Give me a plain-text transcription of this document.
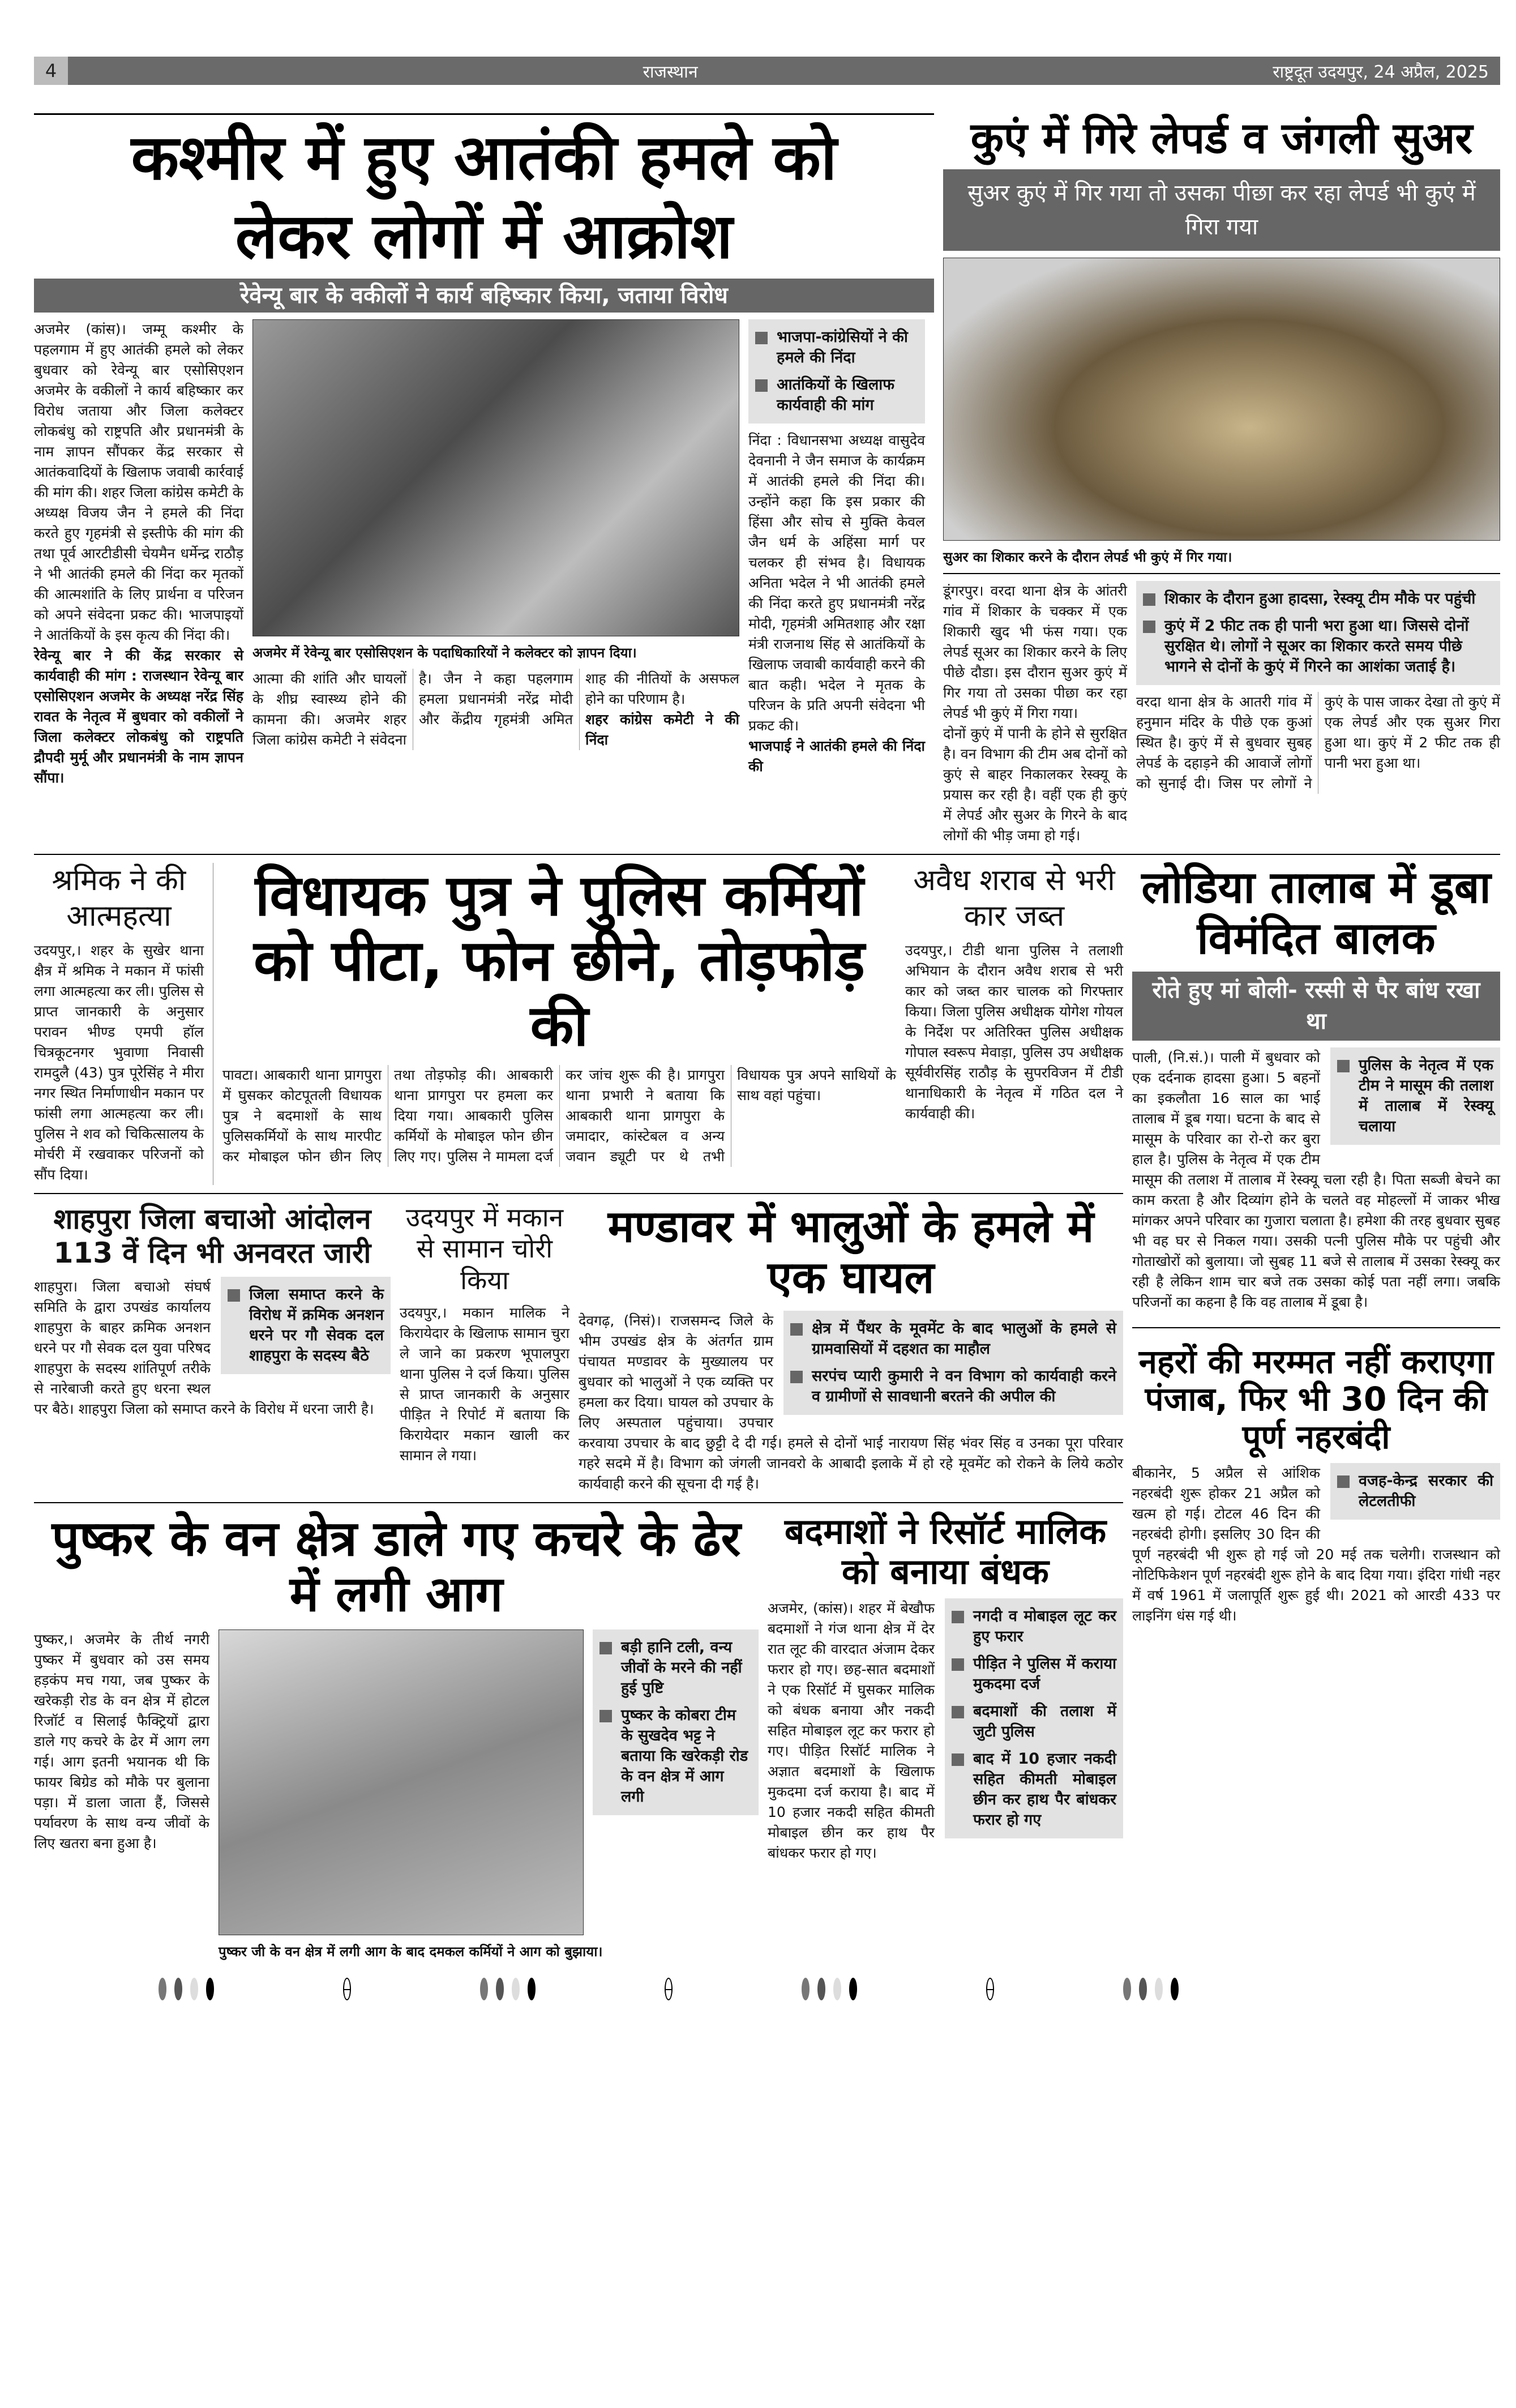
4	राजस्थान	राष्ट्रदूत उदयपुर, 24 अप्रैल, 2025
कश्मीर में हुए आतंकी हमले को
लेकर लोगों में आक्रोश
रेवेन्यू बार के वकीलों ने कार्य बहिष्कार किया, जताया विरोध

अजमेर (कांस)। जम्मू कश्मीर के पहलगाम में हुए आतंकी हमले को लेकर बुधवार को रेवेन्यू बार एसोसिएशन अजमेर के वकीलों ने कार्य बहिष्कार कर विरोध जताया और जिला कलेक्टर लोकबंधु को राष्ट्रपति और प्रधानमंत्री के नाम ज्ञापन सौंपकर केंद्र सरकार से आतंकवादियों के खिलाफ जवाबी कार्रवाई की मांग की। शहर जिला कांग्रेस कमेटी के अध्यक्ष विजय जैन ने हमले की निंदा करते हुए गृहमंत्री से इस्तीफे की मांग की तथा पूर्व आरटीडीसी चेयमैन धर्मेन्द्र राठौड़ ने भी आतंकी हमले की निंदा कर मृतकों की आत्मशांति के लिए प्रार्थना व परिजन को अपने संवेदना प्रकट की। भाजपाइयों ने आतंकियों के इस कृत्य की निंदा की।

रेवेन्यू बार ने की केंद्र सरकार से कार्यवाही की मांग : राजस्थान रेवेन्यू बार एसोसिएशन अजमेर के अध्यक्ष नरेंद्र सिंह रावत के नेतृत्व में बुधवार को वकीलों ने जिला कलेक्टर लोकबंधु को राष्ट्रपति द्रौपदी मुर्मू और प्रधानमंत्री के नाम ज्ञापन सौंपा।

अजमेर में रेवेन्यू बार एसोसिएशन के पदाधिकारियों ने कलेक्टर को ज्ञापन दिया।

आत्मा की शांति और घायलों के शीघ्र स्वास्थ्य होने की कामना की। अजमेर शहर जिला कांग्रेस कमेटी ने संवेदना है। जैन ने कहा पहलगाम हमला प्रधानमंत्री नरेंद्र मोदी और केंद्रीय गृहमंत्री अमित शाह की नीतियों के असफल होने का परिणाम है।

शहर कांग्रेस कमेटी ने की निंदा

भाजपा-कांग्रेसियों ने की हमले की निंदा
आतंकियों के खिलाफ कार्यवाही की मांग

निंदा : विधानसभा अध्यक्ष वासुदेव देवनानी ने जैन समाज के कार्यक्रम में आतंकी हमले की निंदा की। उन्होंने कहा कि इस प्रकार की हिंसा और सोच से मुक्ति केवल जैन धर्म के अहिंसा मार्ग पर चलकर ही संभव है। विधायक अनिता भदेल ने भी आतंकी हमले की निंदा करते हुए प्रधानमंत्री नरेंद्र मोदी, गृहमंत्री अमितशाह और रक्षा मंत्री राजनाथ सिंह से आतंकियों के खिलाफ जवाबी कार्यवाही करने की बात कही। भदेल ने मृतक के परिजन के प्रति अपनी संवेदना भी प्रकट की।

भाजपाई ने आतंकी हमले की निंदा की

कुएं में गिरे लेपर्ड व जंगली सुअर
सुअर कुएं में गिर गया तो उसका पीछा कर रहा लेपर्ड भी कुएं में गिरा गया
सुअर का शिकार करने के दौरान लेपर्ड भी कुएं में गिर गया।

डूंगरपुर। वरदा थाना क्षेत्र के आंतरी गांव में शिकार के चक्कर में एक शिकारी खुद भी फंस गया। एक लेपर्ड सूअर का शिकार करने के लिए पीछे दौडा। इस दौरान सुअर कुएं में गिर गया तो उसका पीछा कर रहा लेपर्ड भी कुएं में गिरा गया।

दोनों कुएं में पानी के होने से सुरक्षित है। वन विभाग की टीम अब दोनों को कुएं से बाहर निकालकर रेस्क्यू के प्रयास कर रही है। वहीं एक ही कुएं में लेपर्ड और सुअर के गिरने के बाद लोगों की भीड़ जमा हो गई।

शिकार के दौरान हुआ हादसा, रेस्क्यू टीम मौके पर पहुंची
कुएं में 2 फीट तक ही पानी भरा हुआ था। जिससे दोनों सुरक्षित थे। लोगों ने सूअर का शिकार करते समय पीछे भागने से दोनों के कुएं में गिरने का आशंका जताई है।
वरदा थाना क्षेत्र के आतरी गांव में हनुमान मंदिर के पीछे एक कुआं स्थित है। कुएं में से बुधवार सुबह लेपर्ड के दहाड़ने की आवाजें लोगों को सुनाई दी। जिस पर लोगों ने कुएं के पास जाकर देखा तो कुएं में एक लेपर्ड और एक सुअर गिरा हुआ था। कुएं में 2 फीट तक ही पानी भरा हुआ था।
श्रमिक ने की आत्महत्या
उदयपुर,। शहर के सुखेर थाना क्षैत्र में श्रमिक ने मकान में फांसी लगा आत्महत्या कर ली। पुलिस से प्राप्त जानकारी के अनुसार परावन भीण्ड एमपी हॉल चित्रकूटनगर भुवाणा निवासी रामदुलै (43) पुत्र पूरेसिंह ने मीरा नगर स्थित निर्माणाधीन मकान पर फांसी लगा आत्महत्या कर ली। पुलिस ने शव को चिकित्सालय के मोर्चरी में रखवाकर परिजनों को सौंप दिया।
विधायक पुत्र ने पुलिस कर्मियों को पीटा, फोन छीने, तोड़फोड़ की
पावटा। आबकारी थाना प्रागपुरा में घुसकर कोटपूतली विधायक पुत्र ने बदमाशों के साथ पुलिसकर्मियों के साथ मारपीट कर मोबाइल फोन छीन लिए तथा तोड़फोड़ की। आबकारी थाना प्रागपुरा पर हमला कर दिया गया। आबकारी पुलिस कर्मियों के मोबाइल फोन छीन लिए गए। पुलिस ने मामला दर्ज कर जांच शुरू की है। प्रागपुरा थाना प्रभारी ने बताया कि आबकारी थाना प्रागपुरा के जमादार, कांस्टेबल व अन्य जवान ड्यूटी पर थे तभी विधायक पुत्र अपने साथियों के साथ वहां पहुंचा।
अवैध शराब से भरी कार जब्त
उदयपुर,। टीडी थाना पुलिस ने तलाशी अभियान के दौरान अवैध शराब से भरी कार को जब्त कार चालक को गिरफ्तार किया। जिला पुलिस अधीक्षक योगेश गोयल के निर्देश पर अतिरिक्त पुलिस अधीक्षक गोपाल स्वरूप मेवाड़ा, पुलिस उप अधीक्षक सूर्यवीरसिंह राठौड़ के सुपरविजन में टीडी थानाधिकारी के नेतृत्व में गठित दल ने कार्यवाही की।
शाहपुरा जिला बचाओ आंदोलन 113 वें दिन भी अनवरत जारी
जिला समाप्त करने के विरोध में क्रमिक अनशन धरने पर गौ सेवक दल शाहपुरा के सदस्य बैठे

शाहपुरा। जिला बचाओ संघर्ष समिति के द्वारा उपखंड कार्यालय शाहपुरा के बाहर क्रमिक अनशन धरने पर गौ सेवक दल युवा परिषद शाहपुरा के सदस्य शांतिपूर्ण तरीके से नारेबाजी करते हुए धरना स्थल पर बैठे। शाहपुरा जिला को समाप्त करने के विरोध में धरना जारी है।

उदयपुर में मकान से सामान चोरी किया
उदयपुर,। मकान मालिक ने किरायेदार के खिलाफ सामान चुरा ले जाने का प्रकरण भूपालपुरा थाना पुलिस ने दर्ज किया। पुलिस से प्राप्त जानकारी के अनुसार पीड़ित ने रिपोर्ट में बताया कि किरायेदार मकान खाली कर सामान ले गया।
मण्डावर में भालुओं के हमले में एक घायल
क्षेत्र में पैंथर के मूवमेंट के बाद भालुओं के हमले से ग्रामवासियों में दहशत का माहौल
सरपंच प्यारी कुमारी ने वन विभाग को कार्यवाही करने व ग्रामीणों से सावधानी बरतने की अपील की

देवगढ़, (निसं)। राजसमन्द जिले के भीम उपखंड क्षेत्र के अंतर्गत ग्राम पंचायत मण्डावर के मुख्यालय पर बुधवार को भालुओं ने एक व्यक्ति पर हमला कर दिया। घायल को उपचार के लिए अस्पताल पहुंचाया। उपचार करवाया उपचार के बाद छुट्टी दे दी गई। हमले से दोनों भाई नारायण सिंह भंवर सिंह व उनका पूरा परिवार गहरे सदमे में है। विभाग को जंगली जानवरो के आबादी इलाके में हो रहे मूवमेंट को रोकने के लिये कठोर कार्यवाही करने की सूचना दी गई है।

पुष्कर के वन क्षेत्र डाले गए कचरे के ढेर में लगी आग
पुष्कर,। अजमेर के तीर्थ नगरी पुष्कर में बुधवार को उस समय हड़कंप मच गया, जब पुष्कर के खरेकड़ी रोड के वन क्षेत्र में होटल रिजॉर्ट व सिलाई फैक्ट्रियों द्वारा डाले गए कचरे के ढेर में आग लग गई। आग इतनी भयानक थी कि फायर बिग्रेड को मौके पर बुलाना पड़ा। में डाला जाता हैं, जिससे पर्यावरण के साथ वन्य जीवों के लिए खतरा बना हुआ है।
बड़ी हानि टली, वन्य जीवों के मरने की नहीं हुई पुष्टि
पुष्कर के कोबरा टीम के सुखदेव भट्ट ने बताया कि खरेकड़ी रोड के वन क्षेत्र में आग लगी
पुष्कर जी के वन क्षेत्र में लगी आग के बाद दमकल कर्मियों ने आग को बुझाया।
बदमाशों ने रिसॉर्ट मालिक को बनाया बंधक
नगदी व मोबाइल लूट कर हुए फरार
पीड़ित ने पुलिस में कराया मुकदमा दर्ज
बदमाशों की तलाश में जुटी पुलिस
बाद में 10 हजार नकदी सहित कीमती मोबाइल छीन कर हाथ पैर बांधकर फरार हो गए

अजमेर, (कांस)। शहर में बेखौफ बदमाशों ने गंज थाना क्षेत्र में देर रात लूट की वारदात अंजाम देकर फरार हो गए। छह-सात बदमाशों ने एक रिसॉर्ट में घुसकर मालिक को बंधक बनाया और नकदी सहित मोबाइल लूट कर फरार हो गए। पीड़ित रिसॉर्ट मालिक ने अज्ञात बदमाशों के खिलाफ मुकदमा दर्ज कराया है। बाद में 10 हजार नकदी सहित कीमती मोबाइल छीन कर हाथ पैर बांधकर फरार हो गए।

लोडिया तालाब में डूबा विमंदित बालक
रोते हुए मां बोली- रस्सी से पैर बांध रखा था
पुलिस के नेतृत्व में एक टीम ने मासूम की तलाश में तालाब में रेस्क्यू चलाया

पाली, (नि.सं.)। पाली में बुधवार को एक दर्दनाक हादसा हुआ। 5 बहनों का इकलौता 16 साल का भाई तालाब में डूब गया। घटना के बाद से मासूम के परिवार का रो-रो कर बुरा हाल है। पुलिस के नेतृत्व में एक टीम मासूम की तलाश में तालाब में रेस्क्यू चला रही है। पिता सब्जी बेचने का काम करता है और दिव्यांग होने के चलते वह मोहल्लों में जाकर भीख मांगकर अपने परिवार का गुजारा चलाता है। हमेशा की तरह बुधवार सुबह भी वह घर से निकल गया। उसकी पत्नी पुलिस मौके पर पहुंची और गोताखोरों को बुलाया। जो सुबह 11 बजे से तालाब में उसका रेस्क्यू कर रही है लेकिन शाम चार बजे तक उसका कोई पता नहीं लगा। जबकि परिजनों का कहना है कि वह तालाब में डूबा है।

नहरों की मरम्मत नहीं कराएगा पंजाब, फिर भी 30 दिन की पूर्ण नहरबंदी
वजह-केन्द्र सरकार की लेटलतीफी

बीकानेर, 5 अप्रैल से आंशिक नहरबंदी शुरू होकर 21 अप्रैल को खत्म हो गई। टोटल 46 दिन की नहरबंदी होगी। इसलिए 30 दिन की पूर्ण नहरबंदी भी शुरू हो गई जो 20 मई तक चलेगी। राजस्थान को नोटिफिकेशन पूर्ण नहरबंदी शुरू होने के बाद दिया गया। इंदिरा गांधी नहर में वर्ष 1961 में जलापूर्ति शुरू हुई थी। 2021 को आरडी 433 पर लाइनिंग धंस गई थी।
